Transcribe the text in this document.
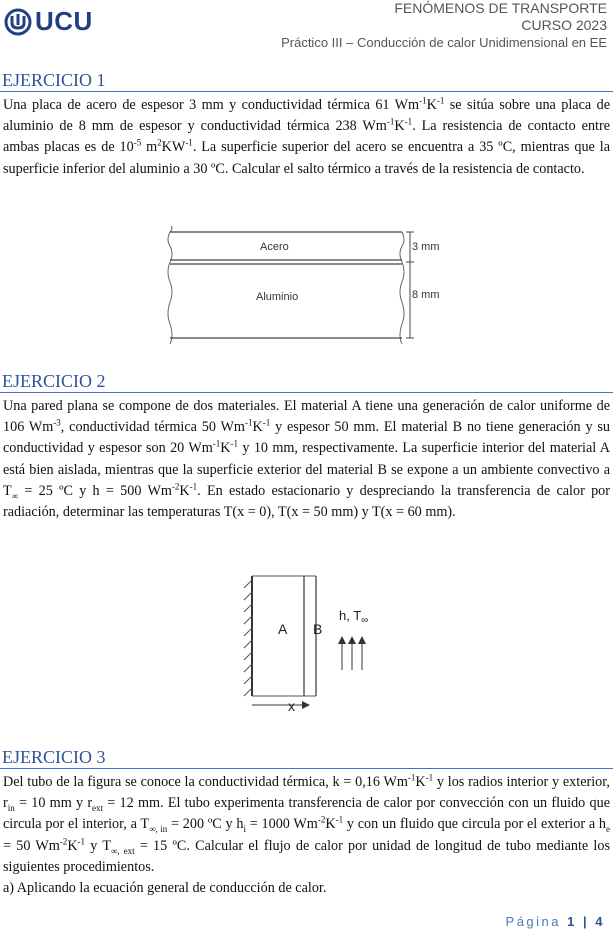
UCU	FENÓMENOS DE TRANSPORTE
CURSO 2023
Práctico III – Conducción de calor Unidimensional en EE
EJERCICIO 1

Una placa de acero de espesor 3 mm y conductividad térmica 61 $Wm^{-1}K^{-1}$ se sitúa sobre una placa de aluminio de 8 mm de espesor y conductividad térmica 238 $Wm^{-1}K^{-1}$. La resistencia de contacto entre ambas placas es de $10^{-5}$ $m^2KW^{-1}$. La superficie superior del acero se encuentra a 35 ºC, mientras que la superficie inferior del aluminio a 30 ºC. Calcular el salto térmico a través de la resistencia de contacto.

Acero
Aluminio
3 mm
8 mm
EJERCICIO 2

Una pared plana se compone de dos materiales. El material A tiene una generación de calor uniforme de 106 $Wm^{-3}$, conductividad térmica 50 $Wm^{-1}K^{-1}$ y espesor 50 mm. El material B no tiene generación y su conductividad y espesor son 20 $Wm^{-1}K^{-1}$ y 10 mm, respectivamente. La superficie interior del material A está bien aislada, mientras que la superficie exterior del material B se expone a un ambiente convectivo a $T_\infty = 25$ ºC y h = 500 $Wm^{-2}K^{-1}$. En estado estacionario y despreciando la transferencia de calor por radiación, determinar las temperaturas T(x = 0), T(x = 50 mm) y T(x = 60 mm).

A B
h, $T_\infty$
x
EJERCICIO 3

Del tubo de la figura se conoce la conductividad térmica, k = 0,16 $Wm^{-1}K^{-1}$ y los radios interior y exterior, $r_{in} = 10$ mm y $r_{ext} = 12$ mm. El tubo experimenta transferencia de calor por convección con un fluido que circula por el interior, a $T_{\infty, in} = 200$ ºC y $h_i = 1000$ $Wm^{-2}K^{-1}$ y con un fluido que circula por el exterior a $h_e = 50$ $Wm^{-2}K^{-1}$ y $T_{\infty, ext} = 15$ ºC. Calcular el flujo de calor por unidad de longitud de tubo mediante los siguientes procedimientos.

a) Aplicando la ecuación general de conducción de calor.

Página 1 | 4
